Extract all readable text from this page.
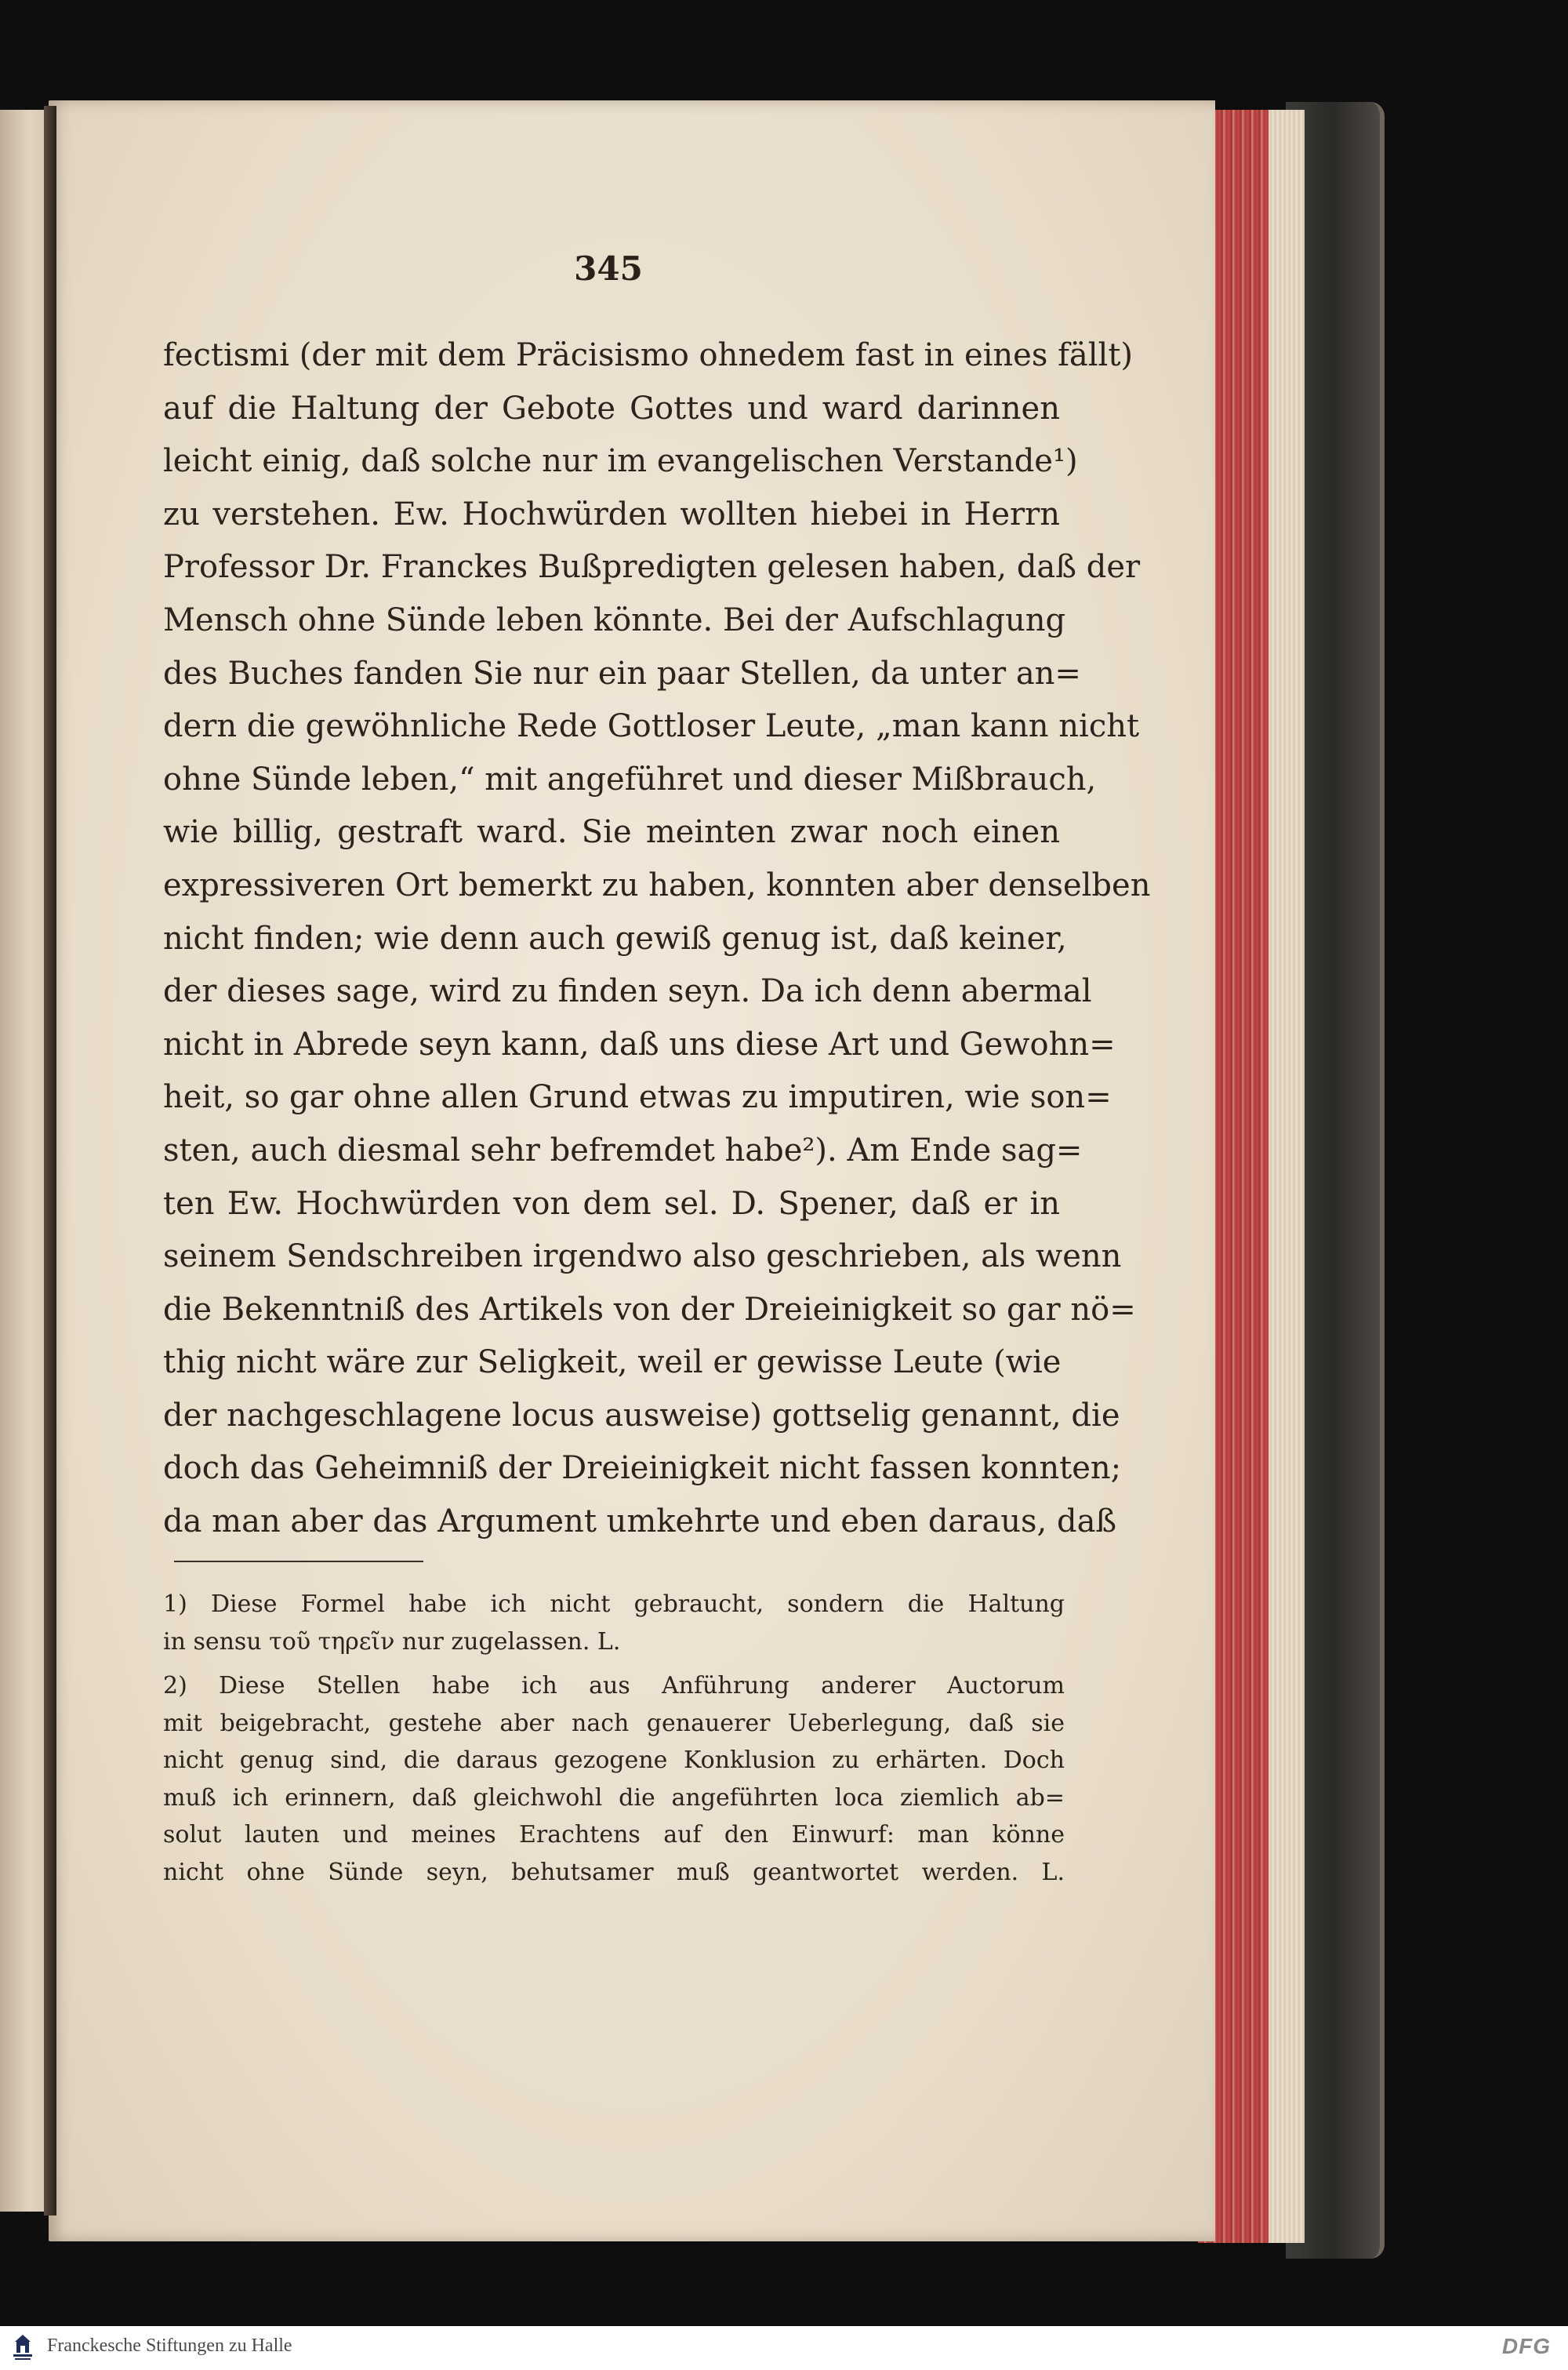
345
fectismi (der mit dem Präcisismo ohnedem fast in eines fällt)
auf die Haltung der Gebote Gottes und ward darinnen
leicht einig, daß solche nur im evangelischen Verstande¹)
zu verstehen. Ew. Hochwürden wollten hiebei in Herrn
Professor Dr. Franckes Bußpredigten gelesen haben, daß der
Mensch ohne Sünde leben könnte. Bei der Aufschlagung
des Buches fanden Sie nur ein paar Stellen, da unter an=
dern die gewöhnliche Rede Gottloser Leute, „man kann nicht
ohne Sünde leben,“ mit angeführet und dieser Mißbrauch,
wie billig, gestraft ward. Sie meinten zwar noch einen
expressiveren Ort bemerkt zu haben, konnten aber denselben
nicht finden; wie denn auch gewiß genug ist, daß keiner,
der dieses sage, wird zu finden seyn. Da ich denn abermal
nicht in Abrede seyn kann, daß uns diese Art und Gewohn=
heit, so gar ohne allen Grund etwas zu imputiren, wie son=
sten, auch diesmal sehr befremdet habe²). Am Ende sag=
ten Ew. Hochwürden von dem sel. D. Spener, daß er in
seinem Sendschreiben irgendwo also geschrieben, als wenn
die Bekenntniß des Artikels von der Dreieinigkeit so gar nö=
thig nicht wäre zur Seligkeit, weil er gewisse Leute (wie
der nachgeschlagene locus ausweise) gottselig genannt, die
doch das Geheimniß der Dreieinigkeit nicht fassen konnten;
da man aber das Argument umkehrte und eben daraus, daß
1) Diese Formel habe ich nicht gebraucht, sondern die Haltung
in sensu τοῦ τηρεῖν nur zugelassen. L.
2) Diese Stellen habe ich aus Anführung anderer Auctorum
mit beigebracht, gestehe aber nach genauerer Ueberlegung, daß sie
nicht genug sind, die daraus gezogene Konklusion zu erhärten. Doch
muß ich erinnern, daß gleichwohl die angeführten loca ziemlich ab=
solut lauten und meines Erachtens auf den Einwurf: man könne
nicht ohne Sünde seyn, behutsamer muß geantwortet werden. L.
Franckesche Stiftungen zu Halle	DFG
